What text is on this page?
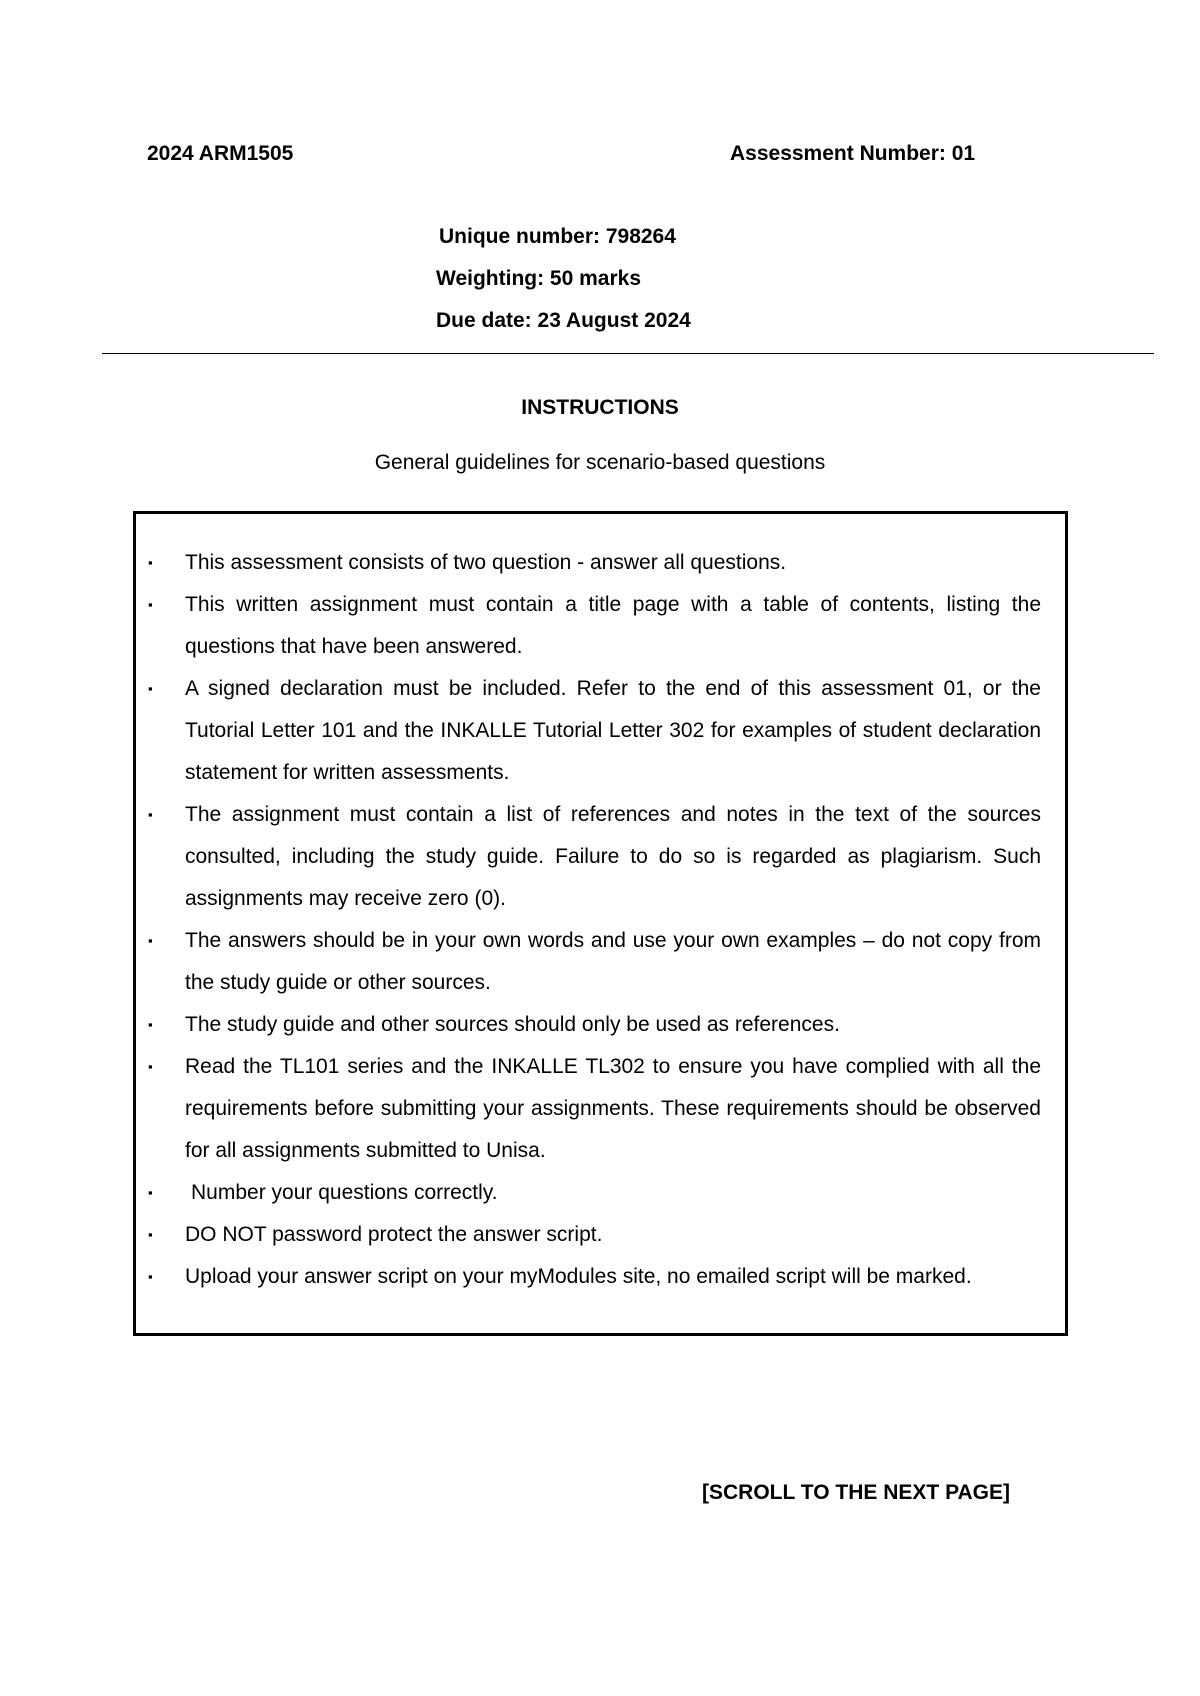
2024 ARM1505	Assessment Number: 01
Unique number: 798264
Weighting: 50 marks
Due date: 23 August 2024
INSTRUCTIONS
General guidelines for scenario-based questions
▪ This assessment consists of two question - answer all questions.
▪ This written assignment must contain a title page with a table of contents, listing the questions that have been answered.
▪ A signed declaration must be included. Refer to the end of this assessment 01, or the Tutorial Letter 101 and the INKALLE Tutorial Letter 302 for examples of student declaration statement for written assessments.
▪ The assignment must contain a list of references and notes in the text of the sources consulted, including the study guide. Failure to do so is regarded as plagiarism. Such assignments may receive zero (0).
▪ The answers should be in your own words and use your own examples – do not copy from the study guide or other sources.
▪ The study guide and other sources should only be used as references.
▪ Read the TL101 series and the INKALLE TL302 to ensure you have complied with all the requirements before submitting your assignments. These requirements should be observed for all assignments submitted to Unisa.
▪ Number your questions correctly.
▪ DO NOT password protect the answer script.
▪ Upload your answer script on your myModules site, no emailed script will be marked.
[SCROLL TO THE NEXT PAGE]
